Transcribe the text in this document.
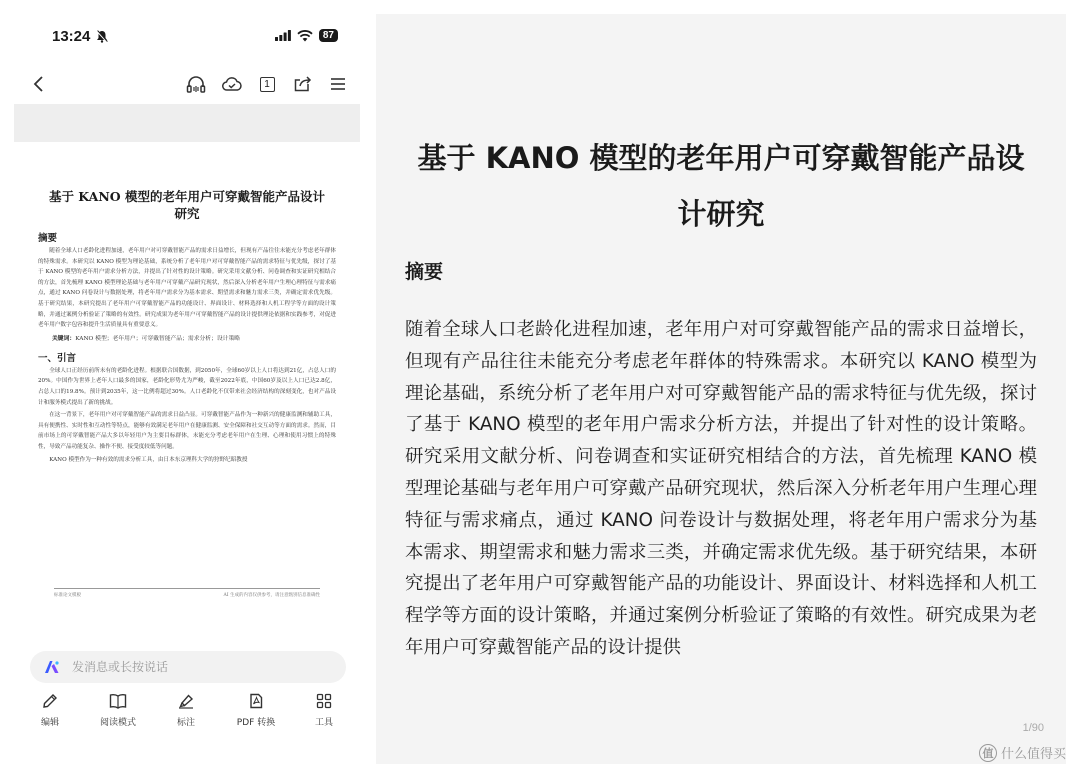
13:24	87
1
基于 KANO 模型的老年用户可穿戴智能产品设计研究
摘要
随着全球人口老龄化进程加速，老年用户对可穿戴智能产品的需求日益增长，但现有产品往往未能充分考虑老年群体的特殊需求。本研究以 KANO 模型为理论基础，系统分析了老年用户对可穿戴智能产品的需求特征与优先级，探讨了基于 KANO 模型的老年用户需求分析方法，并提出了针对性的设计策略。研究采用文献分析、问卷调查和实证研究相结合的方法，首先梳理 KANO 模型理论基础与老年用户可穿戴产品研究现状，然后深入分析老年用户生理心理特征与需求痛点，通过 KANO 问卷设计与数据处理，将老年用户需求分为基本需求、期望需求和魅力需求三类，并确定需求优先级。基于研究结果，本研究提出了老年用户可穿戴智能产品的功能设计、界面设计、材料选择和人机工程学等方面的设计策略，并通过案例分析验证了策略的有效性。研究成果为老年用户可穿戴智能产品的设计提供理论依据和实践参考，对促进老年用户数字包容和提升生活质量具有重要意义。
关键词：KANO 模型；老年用户；可穿戴智能产品；需求分析；设计策略
一、引言
全球人口正经历前所未有的老龄化进程。根据联合国数据，到2050年，全球60岁以上人口将达到21亿，占总人口的20%。中国作为世界上老年人口最多的国家，老龄化形势尤为严峻，截至2022年底，中国60岁及以上人口已达2.8亿，占总人口的19.8%。预计到2035年，这一比例将超过30%。人口老龄化不仅带来社会经济结构的深刻变化，也对产品设计和服务模式提出了新的挑战。
在这一背景下，老年用户对可穿戴智能产品的需求日益凸显。可穿戴智能产品作为一种新兴的健康监测和辅助工具，具有便携性、实时性和互动性等特点，能够有效满足老年用户在健康监测、安全保障和社交互动等方面的需求。然而，目前市场上的可穿戴智能产品大多以年轻用户为主要目标群体，未能充分考虑老年用户在生理、心理和使用习惯上的特殊性，导致产品功能复杂、操作不便、接受度较低等问题。
KANO 模型作为一种有效的需求分析工具，由日本东京理科大学的狩野纪昭教授
标准论文模板	AI 生成的内容仅供参考，请注意甄别信息准确性
发消息或长按说话
编辑	阅读模式	标注	PDF 转换	工具
基于 KANO 模型的老年用户可穿戴智能产品设计研究
摘要
随着全球人口老龄化进程加速，老年用户对可穿戴智能产品的需求日益增长，但现有产品往往未能充分考虑老年群体的特殊需求。本研究以 KANO 模型为理论基础，系统分析了老年用户对可穿戴智能产品的需求特征与优先级，探讨了基于 KANO 模型的老年用户需求分析方法，并提出了针对性的设计策略。研究采用文献分析、问卷调查和实证研究相结合的方法，首先梳理 KANO 模型理论基础与老年用户可穿戴产品研究现状，然后深入分析老年用户生理心理特征与需求痛点，通过 KANO 问卷设计与数据处理，将老年用户需求分为基本需求、期望需求和魅力需求三类，并确定需求优先级。基于研究结果，本研究提出了老年用户可穿戴智能产品的功能设计、界面设计、材料选择和人机工程学等方面的设计策略，并通过案例分析验证了策略的有效性。研究成果为老年用户可穿戴智能产品的设计提供
1/90
值 什么值得买
